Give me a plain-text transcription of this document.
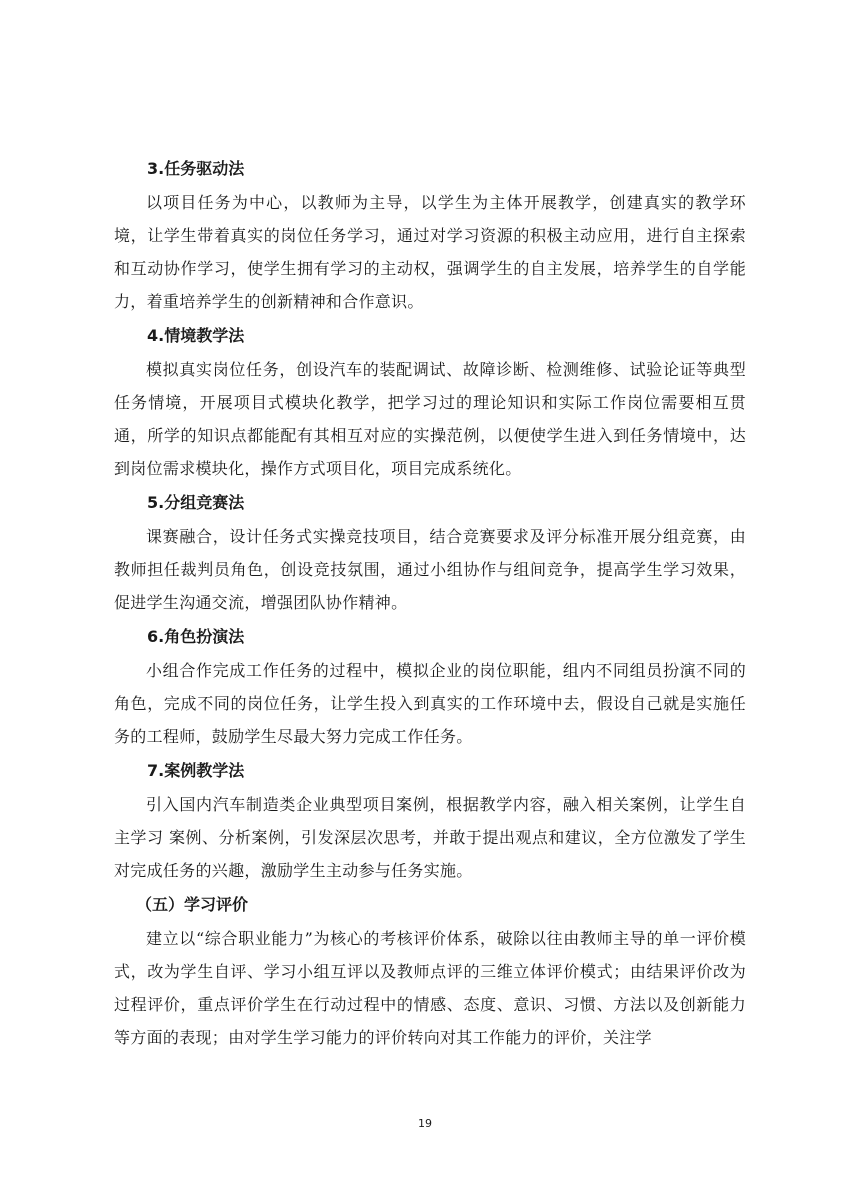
3.任务驱动法

以项目任务为中心，以教师为主导，以学生为主体开展教学，创建真实的教学环境，让学生带着真实的岗位任务学习，通过对学习资源的积极主动应用，进行自主探索和互动协作学习，使学生拥有学习的主动权，强调学生的自主发展，培养学生的自学能力，着重培养学生的创新精神和合作意识。

4.情境教学法

模拟真实岗位任务，创设汽车的装配调试、故障诊断、检测维修、试验论证等典型任务情境，开展项目式模块化教学，把学习过的理论知识和实际工作岗位需要相互贯通，所学的知识点都能配有其相互对应的实操范例，以便使学生进入到任务情境中，达到岗位需求模块化，操作方式项目化，项目完成系统化。

5.分组竞赛法

课赛融合，设计任务式实操竞技项目，结合竞赛要求及评分标准开展分组竞赛，由教师担任裁判员角色，创设竞技氛围，通过小组协作与组间竞争，提高学生学习效果，促进学生沟通交流，增强团队协作精神。

6.角色扮演法

小组合作完成工作任务的过程中，模拟企业的岗位职能，组内不同组员扮演不同的角色，完成不同的岗位任务，让学生投入到真实的工作环境中去，假设自己就是实施任务的工程师，鼓励学生尽最大努力完成工作任务。

7.案例教学法

引入国内汽车制造类企业典型项目案例，根据教学内容，融入相关案例，让学生自主学习 案例、分析案例，引发深层次思考，并敢于提出观点和建议，全方位激发了学生对完成任务的兴趣，激励学生主动参与任务实施。

（五）学习评价

建立以“综合职业能力”为核心的考核评价体系，破除以往由教师主导的单一评价模式，改为学生自评、学习小组互评以及教师点评的三维立体评价模式；由结果评价改为过程评价，重点评价学生在行动过程中的情感、态度、意识、习惯、方法以及创新能力等方面的表现；由对学生学习能力的评价转向对其工作能力的评价，关注学

19
